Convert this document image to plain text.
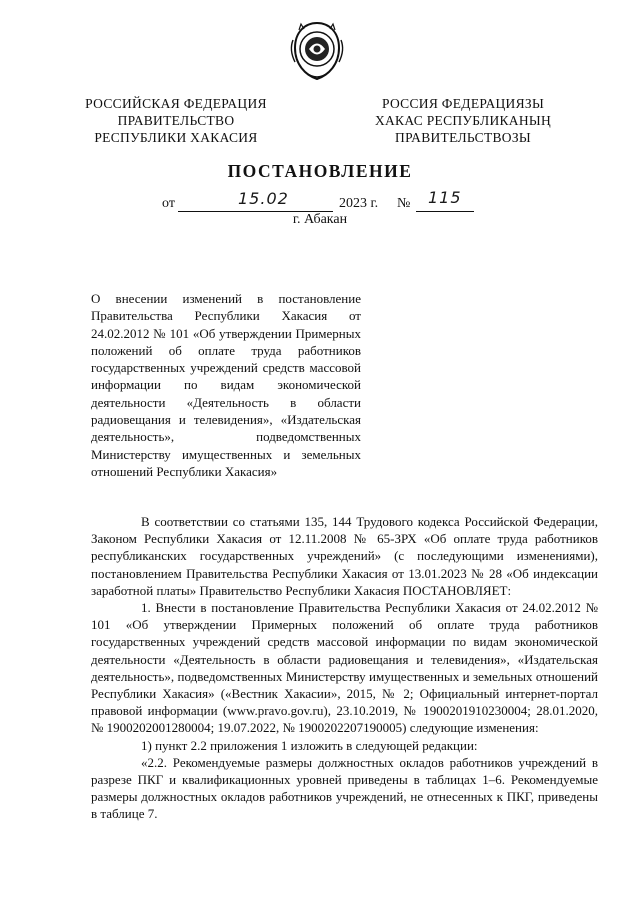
РОССИЙСКАЯ ФЕДЕРАЦИЯ
ПРАВИТЕЛЬСТВО
РЕСПУБЛИКИ ХАКАСИЯ
РОССИЯ ФЕДЕРАЦИЯЗЫ
ХАКАС РЕСПУБЛИКАНЫҢ
ПРАВИТЕЛЬСТВОЗЫ
ПОСТАНОВЛЕНИЕ
от	15.02	2023 г. № 115
г. Абакан
О внесении изменений в постановление Правительства Республики Хакасия от 24.02.2012 № 101 «Об утверждении Примерных положений об оплате труда работников государственных учреждений средств массовой информации по видам экономической деятельности «Деятельность в области радиовещания и телевидения», «Издательская деятельность», подведомственных Министерству имущественных и земельных отношений Республики Хакасия»

В соответствии со статьями 135, 144 Трудового кодекса Российской Федерации, Законом Республики Хакасия от 12.11.2008 № 65-ЗРХ «Об оплате труда работников республиканских государственных учреждений» (с последующими изменениями), постановлением Правительства Республики Хакасия от 13.01.2023 № 28 «Об индексации заработной платы» Правительство Республики Хакасия ПОСТАНОВЛЯЕТ:

1. Внести в постановление Правительства Республики Хакасия от 24.02.2012 № 101 «Об утверждении Примерных положений об оплате труда работников государственных учреждений средств массовой информации по видам экономической деятельности «Деятельность в области радиовещания и телевидения», «Издательская деятельность», подведомственных Министерству имущественных и земельных отношений Республики Хакасия» («Вестник Хакасии», 2015, № 2; Официальный интернет-портал правовой информации (www.pravo.gov.ru), 23.10.2019, № 1900201910230004; 28.01.2020, № 1900202001280004; 19.07.2022, № 1900202207190005) следующие изменения:

1) пункт 2.2 приложения 1 изложить в следующей редакции:

«2.2. Рекомендуемые размеры должностных окладов работников учреждений в разрезе ПКГ и квалификационных уровней приведены в таблицах 1–6. Рекомендуемые размеры должностных окладов работников учреждений, не отнесенных к ПКГ, приведены в таблице 7.
